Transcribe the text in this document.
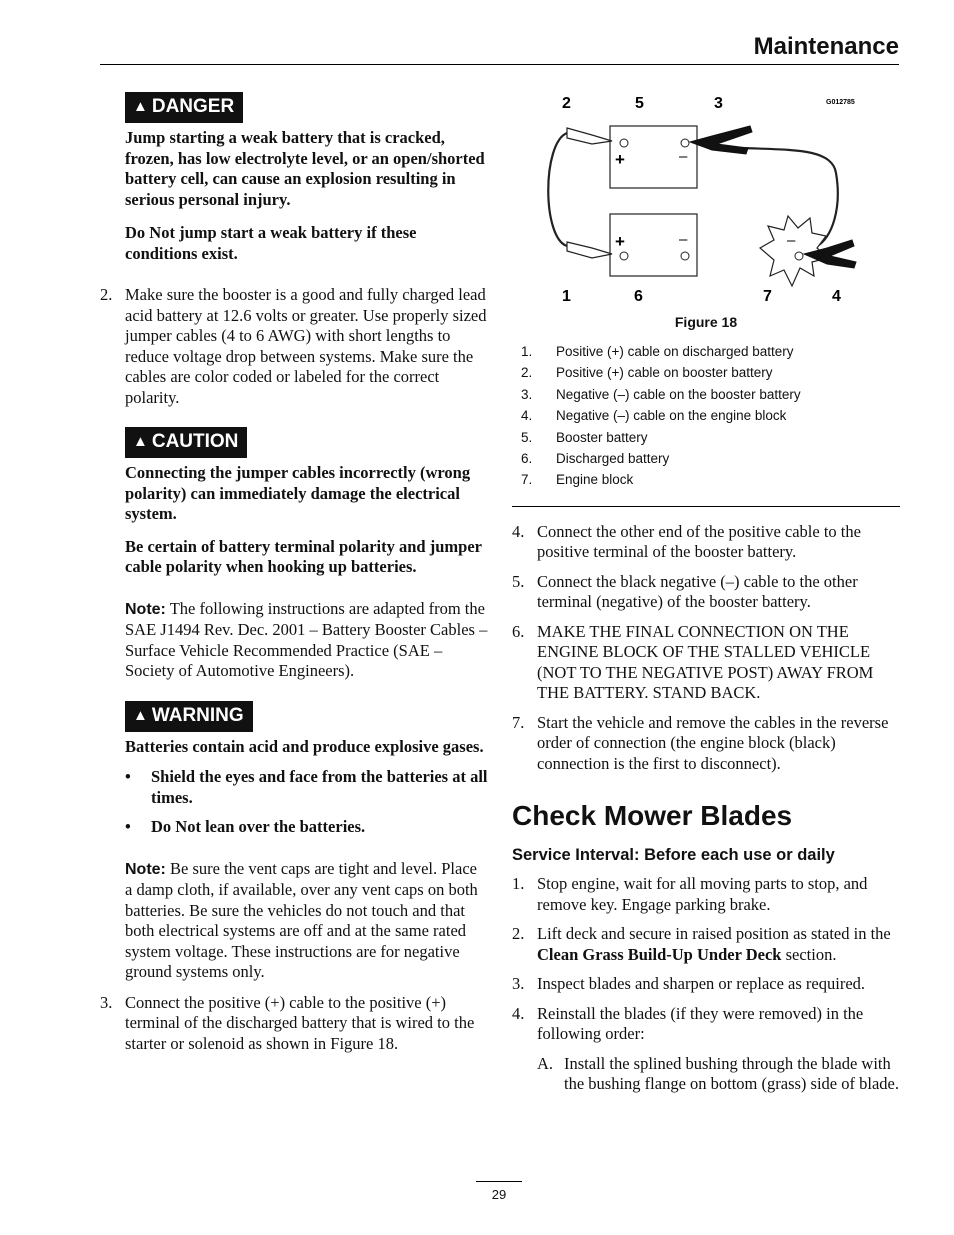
Maintenance
▲ DANGER

Jump starting a weak battery that is cracked, frozen, has low electrolyte level, or an open/shorted battery cell, can cause an explosion resulting in serious personal injury.

Do Not jump start a weak battery if these conditions exist.

2. Make sure the booster is a good and fully charged lead acid battery at 12.6 volts or greater. Use properly sized jumper cables (4 to 6 AWG) with short lengths to reduce voltage drop between systems. Make sure the cables are color coded or labeled for the correct polarity.
▲ CAUTION

Connecting the jumper cables incorrectly (wrong polarity) can immediately damage the electrical system.

Be certain of battery terminal polarity and jumper cable polarity when hooking up batteries.

Note: The following instructions are adapted from the SAE J1494 Rev. Dec. 2001 – Battery Booster Cables – Surface Vehicle Recommended Practice (SAE – Society of Automotive Engineers).

▲ WARNING

Batteries contain acid and produce explosive gases.

•	Shield the eyes and face from the batteries at all times.
•	Do Not lean over the batteries.

Note: Be sure the vent caps are tight and level. Place a damp cloth, if available, over any vent caps on both batteries. Be sure the vehicles do not touch and that both electrical systems are off and at the same rated system voltage. These instructions are for negative ground systems only.

3. Connect the positive (+) cable to the positive (+) terminal of the discharged battery that is wired to the starter or solenoid as shown in Figure 18.
2	5	3	G012785
+	–
+	–	–
1	6	7	4
Figure 18
1.	Positive (+) cable on discharged battery
2.	Positive (+) cable on booster battery
3.	Negative (–) cable on the booster battery
4.	Negative (–) cable on the engine block
5.	Booster battery
6.	Discharged battery
7.	Engine block
4. Connect the other end of the positive cable to the positive terminal of the booster battery.
5. Connect the black negative (–) cable to the other terminal (negative) of the booster battery.
6. MAKE THE FINAL CONNECTION ON THE ENGINE BLOCK OF THE STALLED VEHICLE (NOT TO THE NEGATIVE POST) AWAY FROM THE BATTERY. STAND BACK.
7. Start the vehicle and remove the cables in the reverse order of connection (the engine block (black) connection is the first to disconnect).
Check Mower Blades
Service Interval: Before each use or daily
1. Stop engine, wait for all moving parts to stop, and remove key. Engage parking brake.
2. Lift deck and secure in raised position as stated in the Clean Grass Build-Up Under Deck section.
3. Inspect blades and sharpen or replace as required.
4. Reinstall the blades (if they were removed) in the following order:
A. Install the splined bushing through the blade with the bushing flange on bottom (grass) side of blade.
29
